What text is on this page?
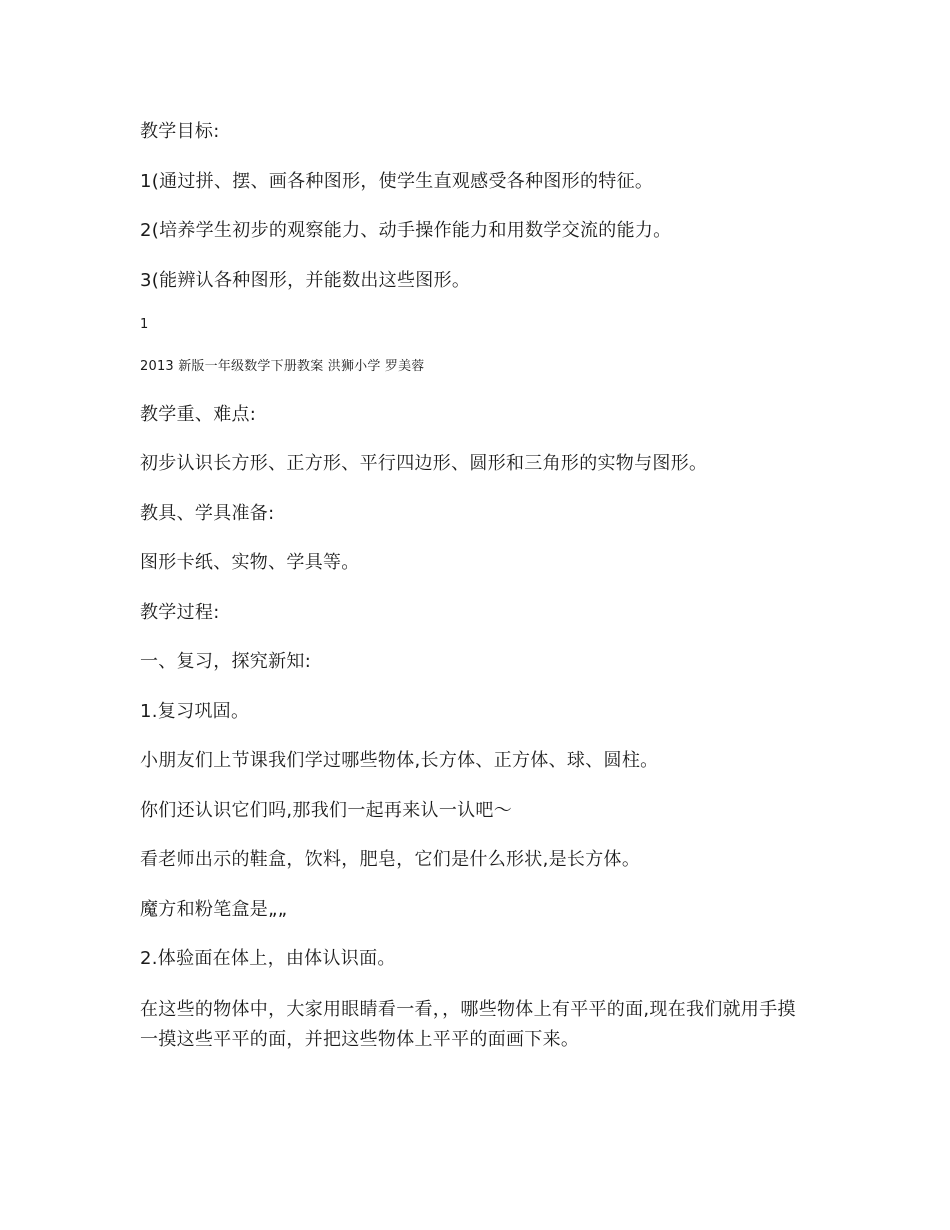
教学目标:
1(通过拼、摆、画各种图形，使学生直观感受各种图形的特征。
2(培养学生初步的观察能力、动手操作能力和用数学交流的能力。
3(能辨认各种图形，并能数出这些图形。
1
2013 新版一年级数学下册教案 洪狮小学 罗美蓉
教学重、难点:
初步认识长方形、正方形、平行四边形、圆形和三角形的实物与图形。
教具、学具准备:
图形卡纸、实物、学具等。
教学过程:
一、复习，探究新知:
1.复习巩固。
小朋友们上节课我们学过哪些物体,长方体、正方体、球、圆柱。
你们还认识它们吗,那我们一起再来认一认吧～
看老师出示的鞋盒，饮料，肥皂，它们是什么形状,是长方体。
魔方和粉笔盒是„„
2.体验面在体上，由体认识面。
在这些的物体中，大家用眼睛看一看，，哪些物体上有平平的面,现在我们就用手摸一摸这些平平的面，并把这些物体上平平的面画下来。
